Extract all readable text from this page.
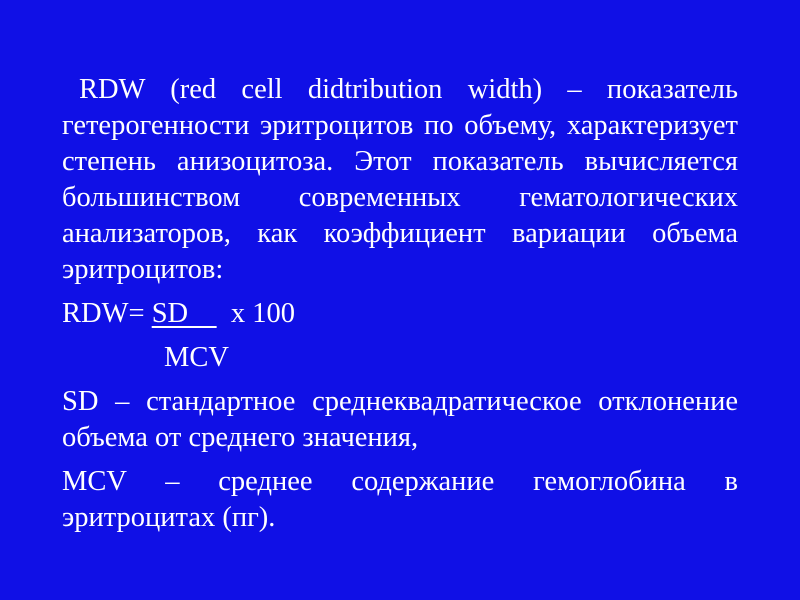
RDW (red cell didtribution width) – показатель гетерогенности эритроцитов по объему, характеризует степень анизоцитоза. Этот показатель вычисляется большинством современных гематологических анализаторов, как коэффициент вариации объема эритроцитов:

RDW= SD      x 100
MCV

SD – стандартное среднеквадратическое отклонение объема от среднего значения,

MCV – среднее содержание гемоглобина в эритроцитах (пг).
